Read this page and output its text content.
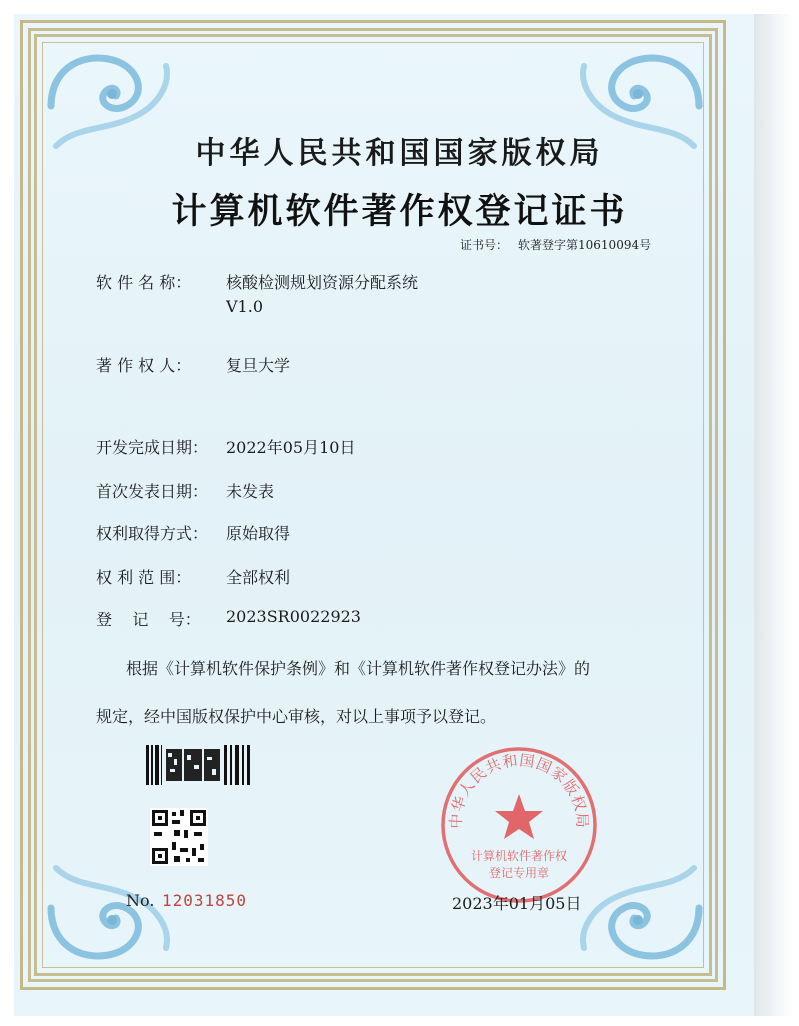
中华人民共和国国家版权局
计算机软件著作权登记证书
证书号： 软著登字第10610094号
软 件 名 称：	核酸检测规划资源分配系统
V1.0
著 作 权 人：	复旦大学
开发完成日期：	2022年05月10日
首次发表日期：	未发表
权利取得方式：	原始取得
权 利 范 围：	全部权利
登    记    号：	2023SR0022923
根据《计算机软件保护条例》和《计算机软件著作权登记办法》的
规定，经中国版权保护中心审核，对以上事项予以登记。
中华人民共和国国家版权局
计算机软件著作权
登记专用章
No. 12031850	2023年01月05日
